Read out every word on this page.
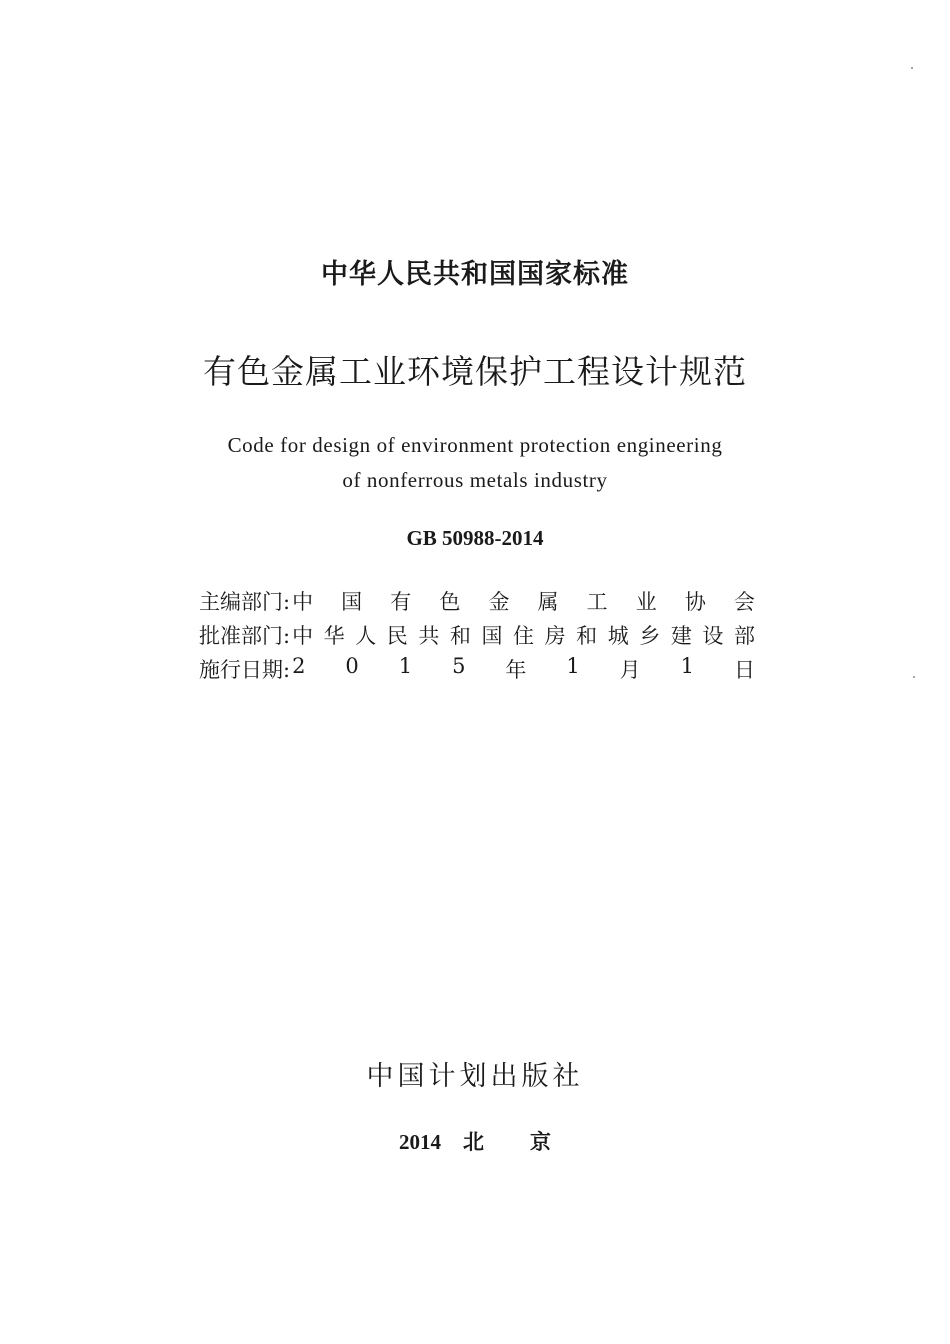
中华人民共和国国家标准
有色金属工业环境保护工程设计规范
Code for design of environment protection engineering
of nonferrous metals industry
GB 50988-2014
主编部门: 中 国 有 色 金 属 工 业 协 会
批准部门: 中 华 人 民 共 和 国 住 房 和 城 乡 建 设 部
施行日期: 2 0 1 5 年 1 月 1 日
中国计划出版社
2014 北 京
